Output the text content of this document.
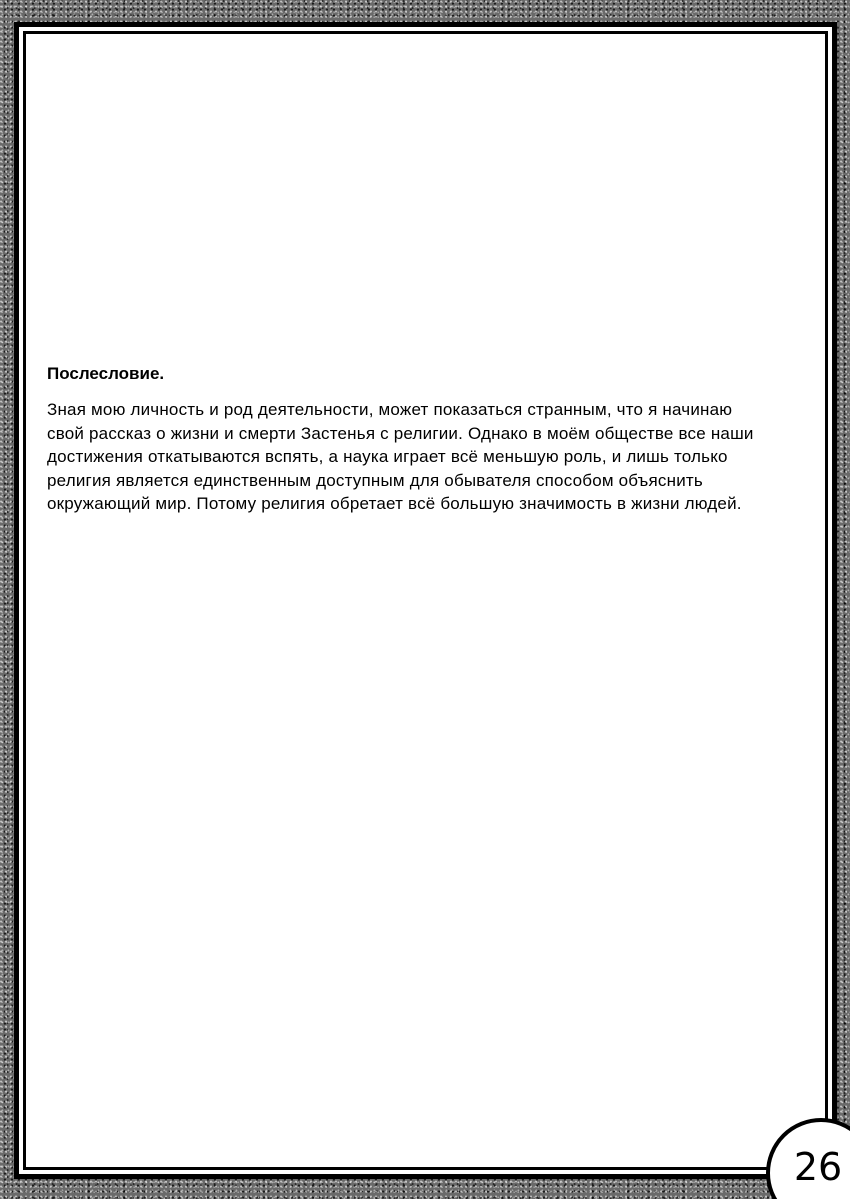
Послесловие.

Зная мою личность и род деятельности, может показаться странным, что я начинаю свой рассказ о жизни и смерти Застенья с религии. Однако в моём обществе все наши достижения откатываются вспять, а наука играет всё меньшую роль, и лишь только религия является единственным доступным для обывателя способом объяснить окружающий мир. Потому религия обретает всё большую значимость в жизни людей.

26
